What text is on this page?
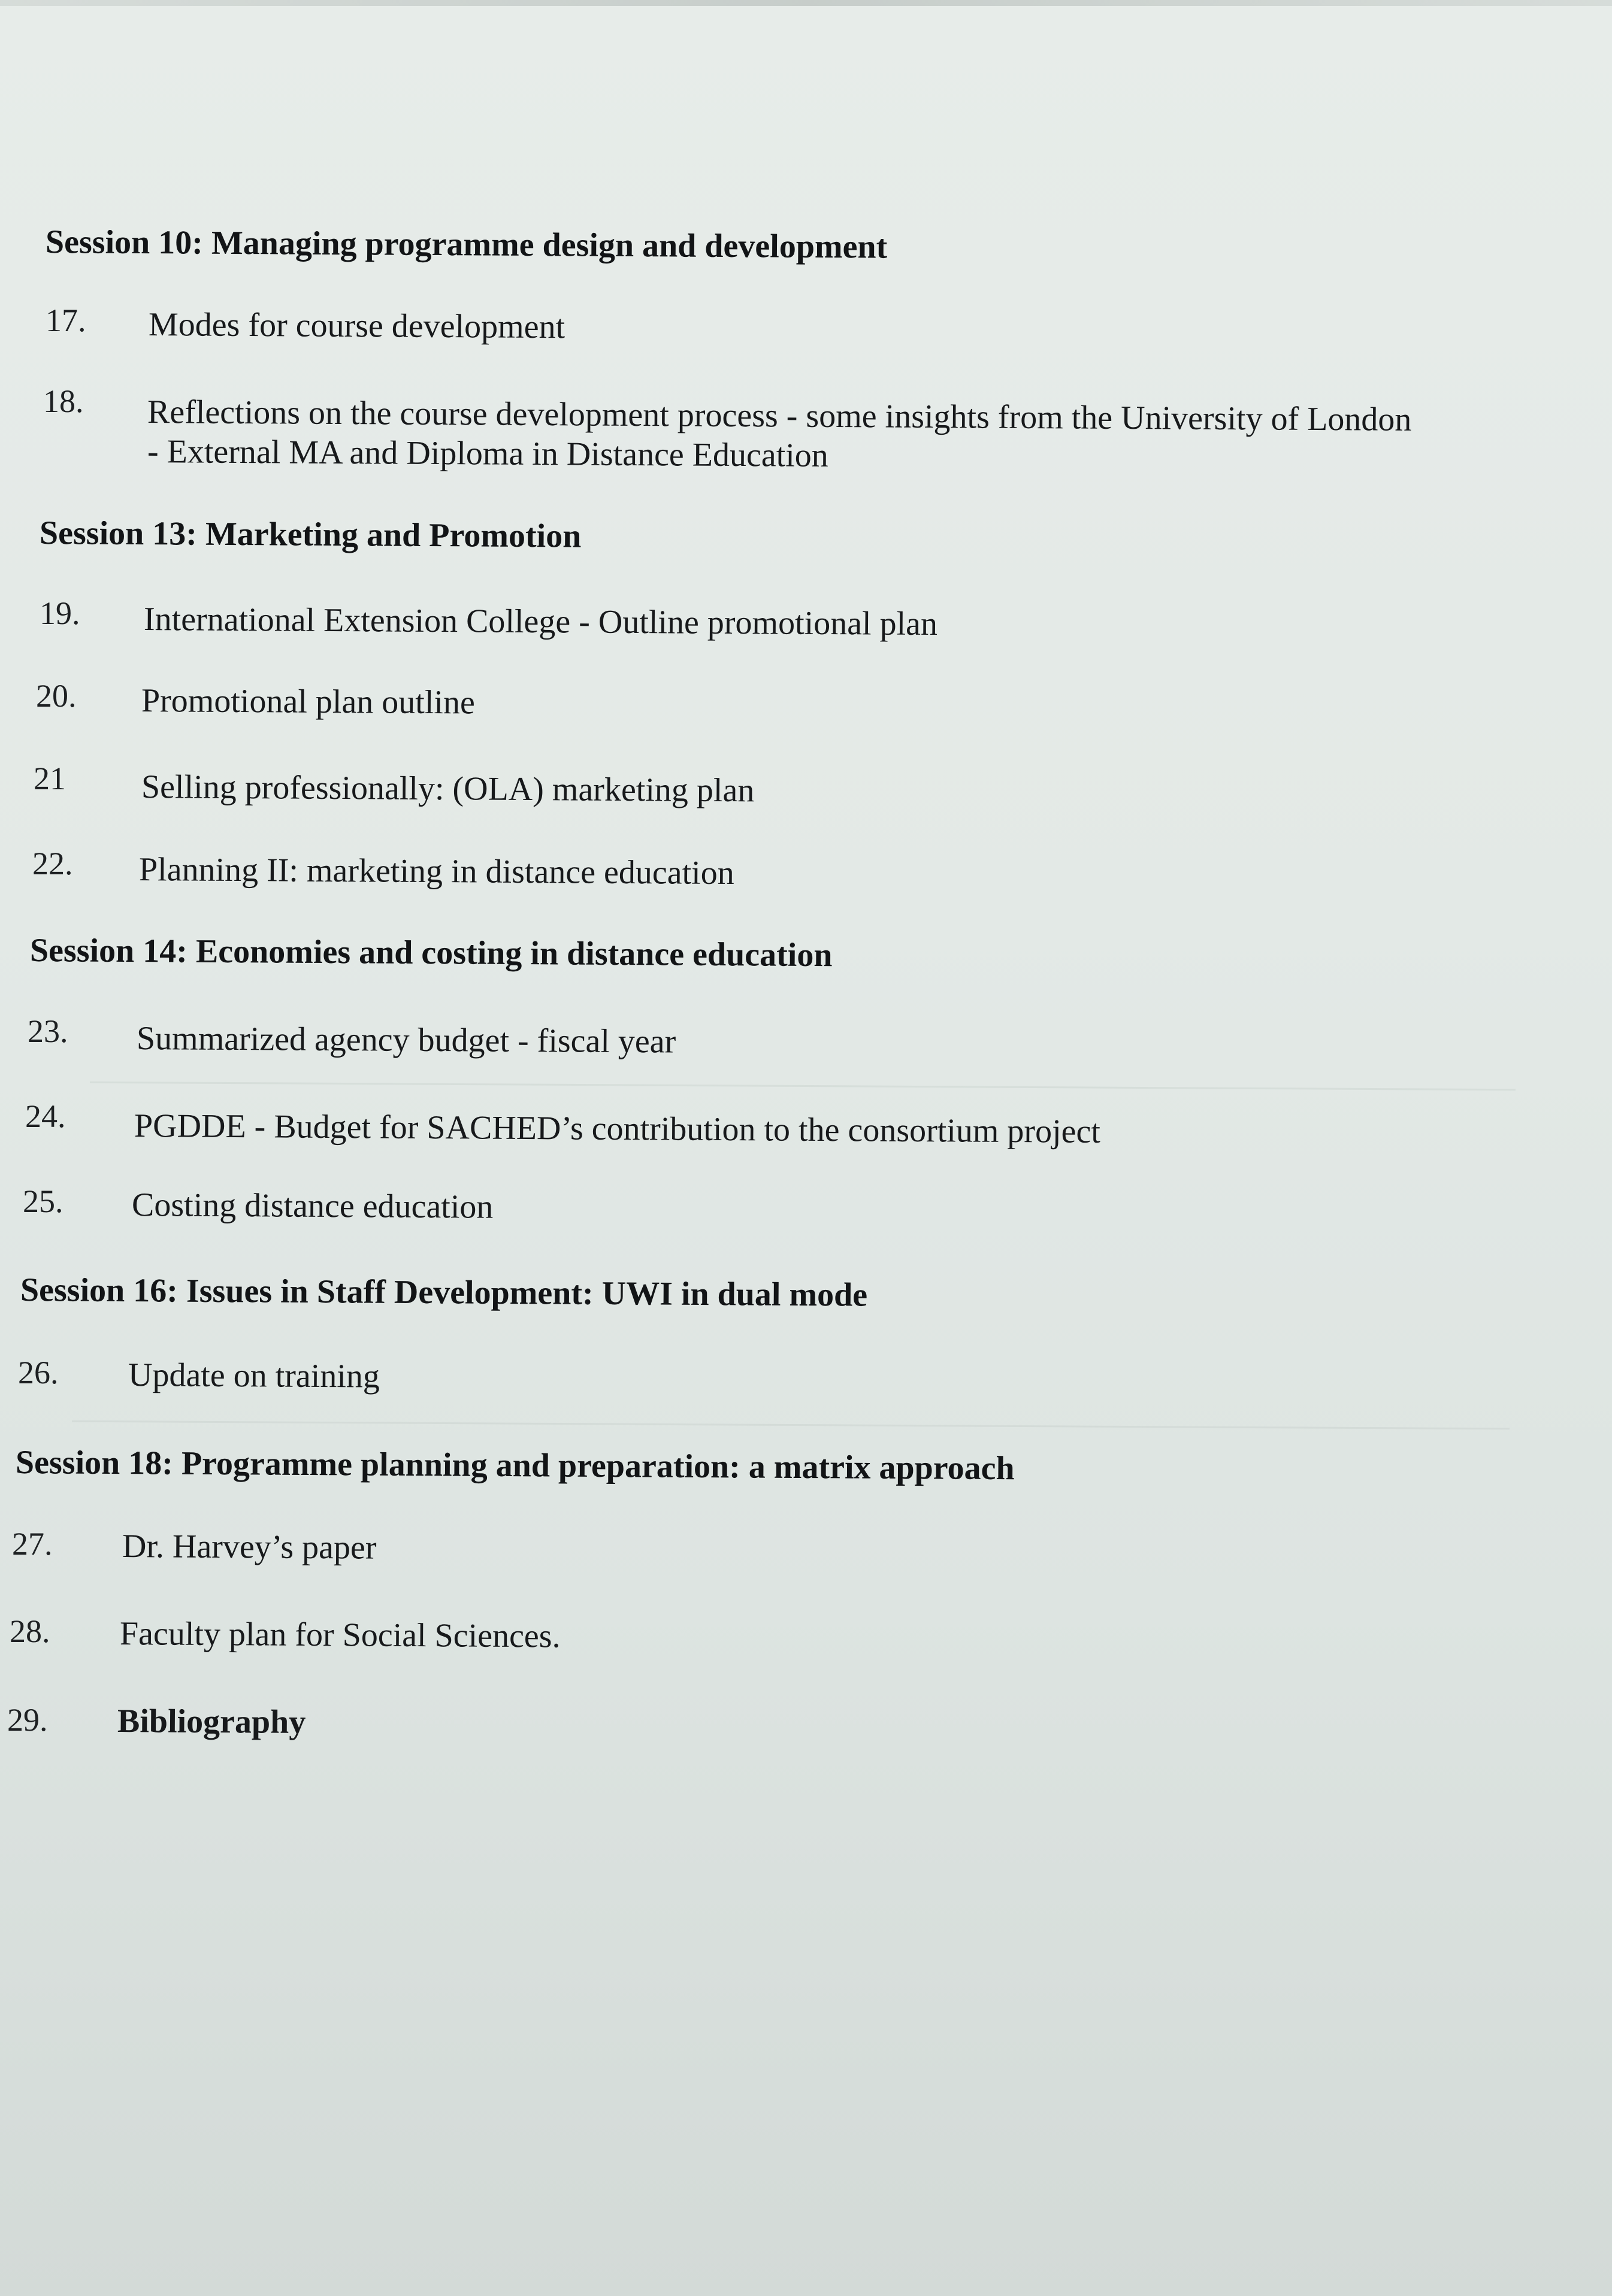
Session 10: Managing programme design and development
17. Modes for course development
18. Reflections on the course development process - some insights from the University of London
- External MA and Diploma in Distance Education
Session 13: Marketing and Promotion
19. International Extension College - Outline promotional plan
20. Promotional plan outline
21 Selling professionally: (OLA) marketing plan
22. Planning II: marketing in distance education
Session 14: Economies and costing in distance education
23. Summarized agency budget - fiscal year
24. PGDDE - Budget for SACHED’s contribution to the consortium project
25. Costing distance education
Session 16: Issues in Staff Development: UWI in dual mode
26. Update on training
Session 18: Programme planning and preparation: a matrix approach
27. Dr. Harvey’s paper
28. Faculty plan for Social Sciences.
29. Bibliography
